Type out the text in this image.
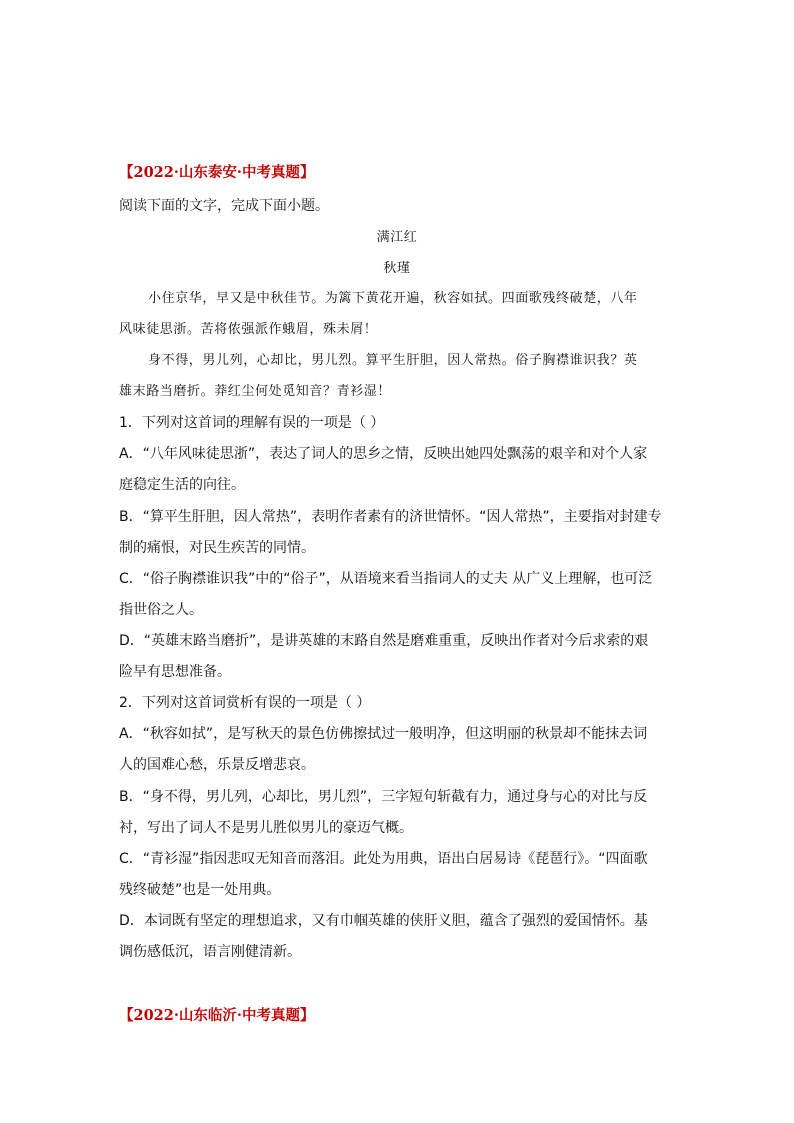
【2022·山东泰安·中考真题】
阅读下面的文字，完成下面小题。
满江红
秋瑾
小住京华，早又是中秋佳节。为篱下黄花开遍，秋容如拭。四面歌残终破楚，八年
风味徒思浙。苦将侬强派作蛾眉，殊未屑！
身不得，男儿列，心却比，男儿烈。算平生肝胆，因人常热。俗子胸襟谁识我？英
雄末路当磨折。莽红尘何处觅知音？青衫湿！
1．下列对这首词的理解有误的一项是（ ）
A．“八年风味徒思浙”，表达了词人的思乡之情，反映出她四处飘荡的艰辛和对个人家
庭稳定生活的向往。
B．“算平生肝胆，因人常热”，表明作者素有的济世情怀。“因人常热”，主要指对封建专
制的痛恨，对民生疾苦的同情。
C．“俗子胸襟谁识我”中的“俗子”，从语境来看当指词人的丈夫 从广义上理解，也可泛
指世俗之人。
D．“英雄末路当磨折”，是讲英雄的末路自然是磨难重重，反映出作者对今后求索的艰
险早有思想准备。
2．下列对这首词赏析有误的一项是（ ）
A．“秋容如拭”，是写秋天的景色仿佛擦拭过一般明净，但这明丽的秋景却不能抹去词
人的国难心愁，乐景反增悲哀。
B．“身不得，男儿列，心却比，男儿烈”，三字短句斩截有力，通过身与心的对比与反
衬，写出了词人不是男儿胜似男儿的豪迈气概。
C．“青衫湿”指因悲叹无知音而落泪。此处为用典，语出白居易诗《琵琶行》。“四面歌
残终破楚”也是一处用典。
D．本词既有坚定的理想追求，又有巾帼英雄的侠肝义胆，蕴含了强烈的爱国情怀。基
调伤感低沉，语言刚健清新。
【2022·山东临沂·中考真题】
